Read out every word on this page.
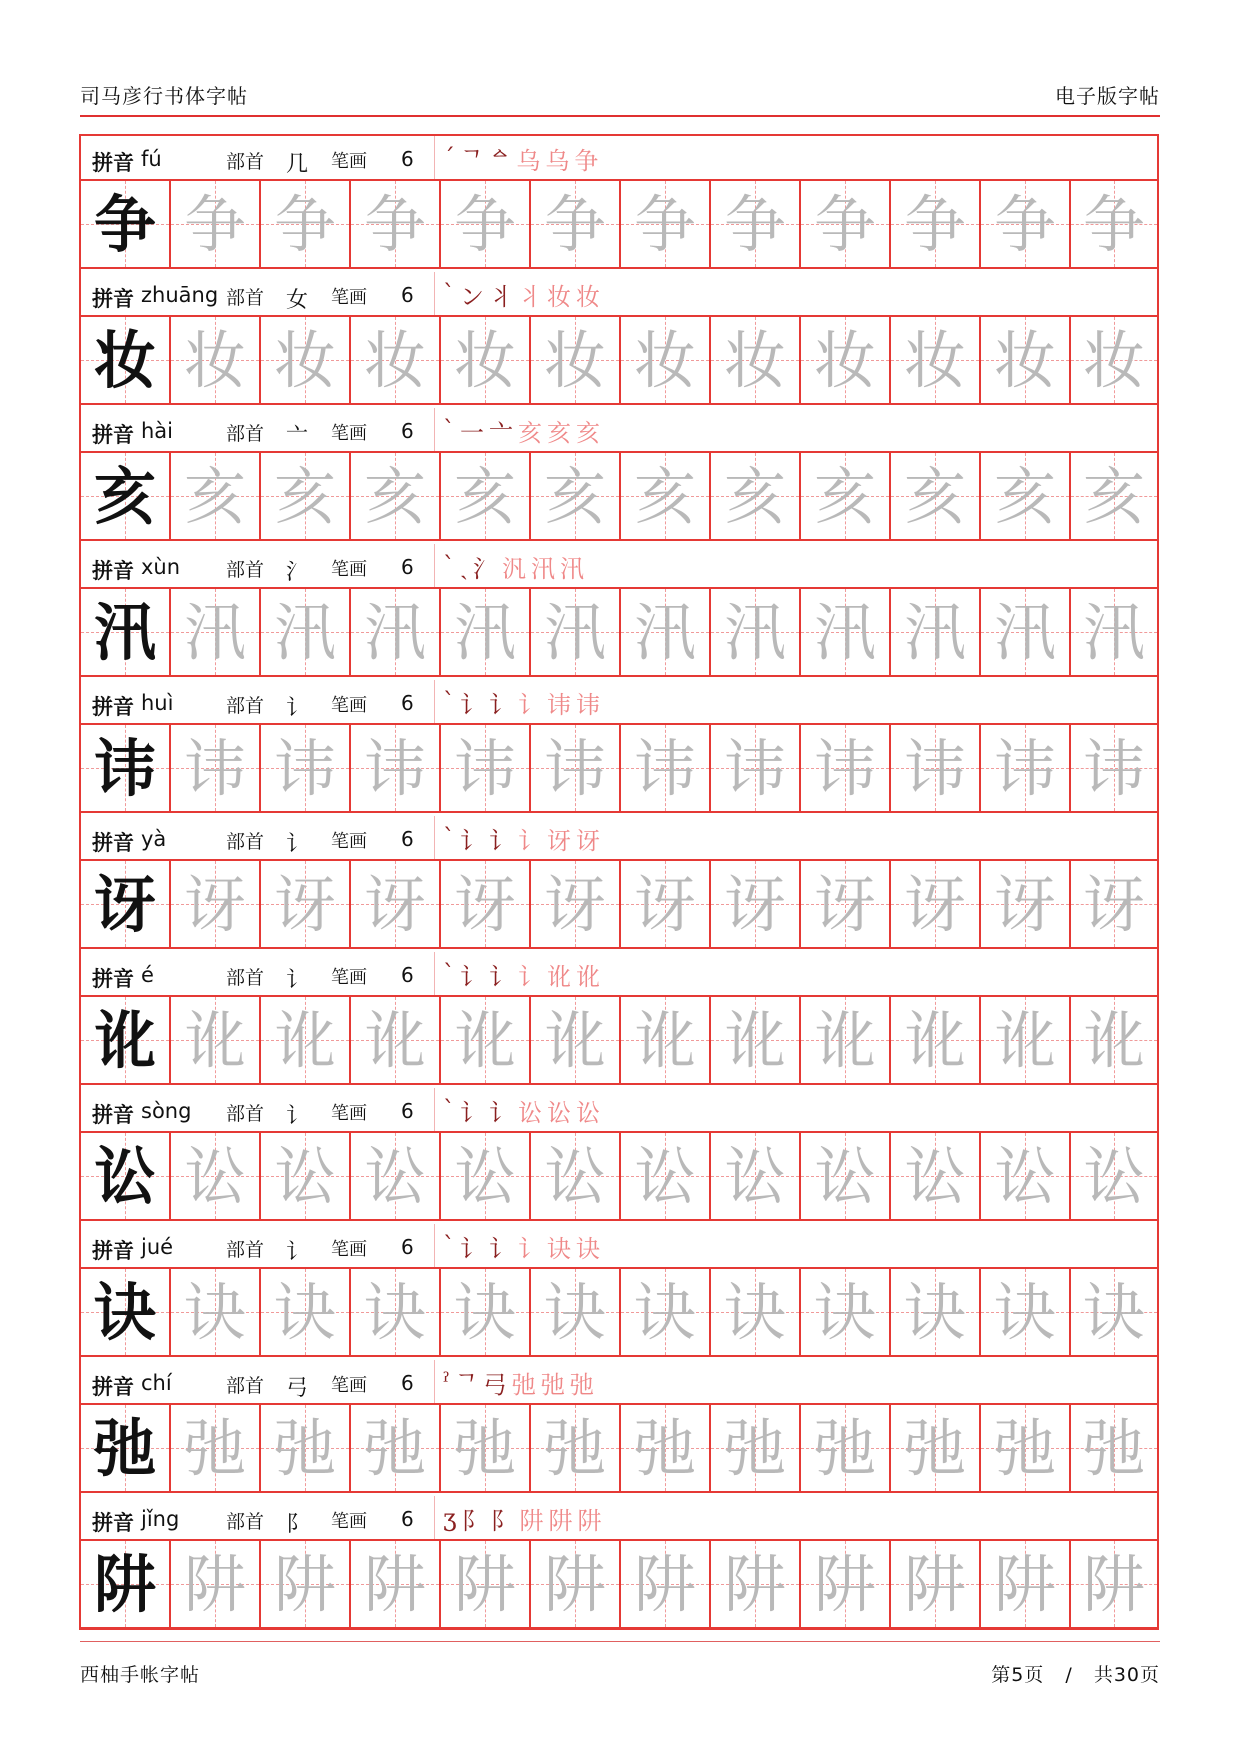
司马彦行书体字帖	电子版字帖
拼音 fú	部首 几 笔画 6 ˊ ᄀ ᅀ 乌 乌 争
争 争 争 争 争 争 争 争 争 争 争 争
拼音 zhuāng 部首 女 笔画 6 ˋ ン 丬 丬 妆 妆
妆 妆 妆 妆 妆 妆 妆 妆 妆 妆 妆 妆
拼音 hài	部首 亠 笔画 6 ˋ 一 亠 亥 亥 亥
亥 亥 亥 亥 亥 亥 亥 亥 亥 亥 亥 亥
拼音 xùn	部首 氵 笔画 6 ˋ ˎ 氵 汎 汛 汛
汛 汛 汛 汛 汛 汛 汛 汛 汛 汛 汛 汛
拼音 huì	部首 讠 笔画 6 ˋ 讠 讠 讠 讳 讳
讳 讳 讳 讳 讳 讳 讳 讳 讳 讳 讳 讳
拼音 yà	部首 讠 笔画 6 ˋ 讠 讠 讠 讶 讶
讶 讶 讶 讶 讶 讶 讶 讶 讶 讶 讶 讶
拼音 é	部首 讠 笔画 6 ˋ 讠 讠 讠 讹 讹
讹 讹 讹 讹 讹 讹 讹 讹 讹 讹 讹 讹
拼音 sòng	部首 讠 笔画 6 ˋ 讠 讠 讼 讼 讼
讼 讼 讼 讼 讼 讼 讼 讼 讼 讼 讼 讼
拼音 jué	部首 讠 笔画 6 ˋ 讠 讠 讠 诀 诀
诀 诀 诀 诀 诀 诀 诀 诀 诀 诀 诀 诀
拼音 chí	部首 弓 笔画 6 ˀ ᄀ 弓 弛 弛 弛
弛 弛 弛 弛 弛 弛 弛 弛 弛 弛 弛 弛
拼音 jǐng	部首 阝 笔画 6 ʒ 阝 阝 阱 阱 阱
阱 阱 阱 阱 阱 阱 阱 阱 阱 阱 阱 阱
西柚手帐字帖	第5页 / 共30页
